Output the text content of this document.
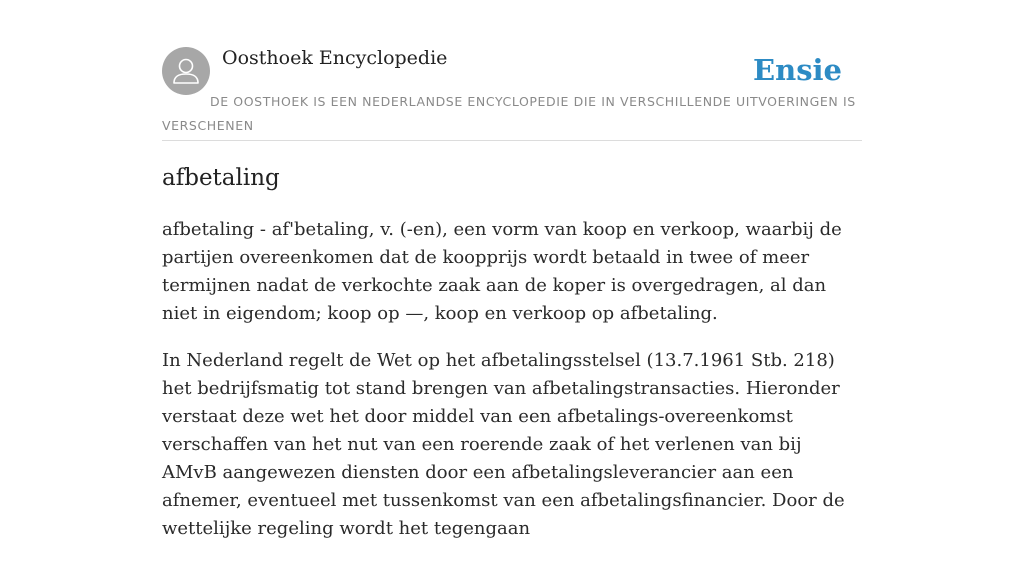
Oosthoek Encyclopedie	Ensie
DE OOSTHOEK IS EEN NEDERLANDSE ENCYCLOPEDIE DIE IN VERSCHILLENDE UITVOERINGEN IS VERSCHENEN
afbetaling

afbetaling - af'betaling, v. (-en), een vorm van koop en verkoop, waarbij de partijen overeenkomen dat de koopprijs wordt betaald in twee of meer termijnen nadat de verkochte zaak aan de koper is overgedragen, al dan niet in eigendom; koop op —, koop en verkoop op afbetaling.

In Nederland regelt de Wet op het afbetalingsstelsel (13.7.1961 Stb. 218) het bedrijfsmatig tot stand brengen van afbetalingstransacties. Hieronder verstaat deze wet het door middel van een afbetalings-overeenkomst verschaffen van het nut van een roerende zaak of het verlenen van bij AMvB aangewezen diensten door een afbetalingsleverancier aan een afnemer, eventueel met tussenkomst van een afbetalingsfinancier. Door de wettelijke regeling wordt het tegengaan
